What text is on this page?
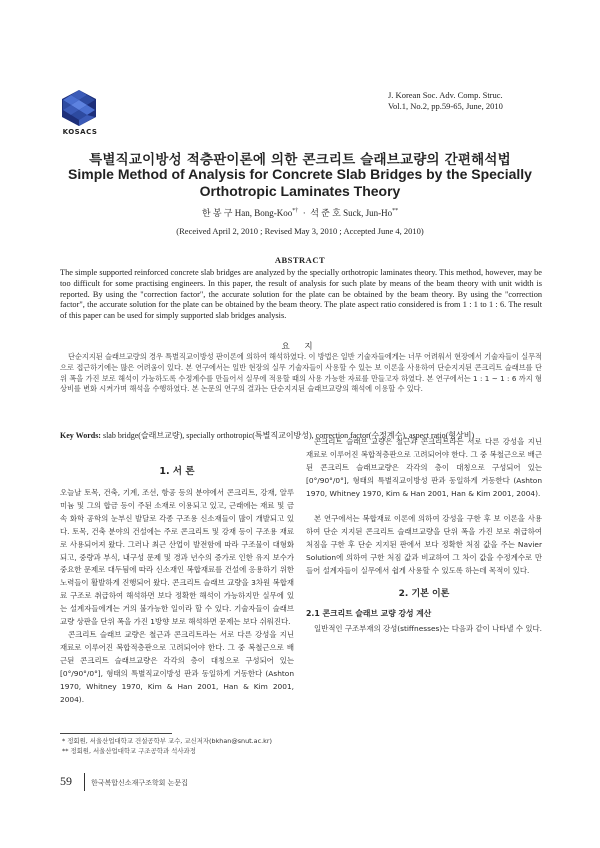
KOSACS
J. Korean Soc. Adv. Comp. Struc.
Vol.1, No.2, pp.59-65, June, 2010
특별직교이방성 적층판이론에 의한 콘크리트 슬래브교량의 간편해석법
Simple Method of Analysis for Concrete Slab Bridges by the Specially
Orthotropic Laminates Theory
한 봉 구 Han, Bong-Koo*† · 석 준 호 Suck, Jun-Ho**
(Received April 2, 2010 ; Revised May 3, 2010 ; Accepted June 4, 2010)
ABSTRACT
The simple supported reinforced concrete slab bridges are analyzed by the specially orthotropic laminates theory. This method, however, may be too difficult for some practising engineers. In this paper, the result of analysis for such plate by means of the beam theory with unit width is reported. By using the "correction factor", the accurate solution for the plate can be obtained by the beam theory. By using the "correction factor", the accurate solution for the plate can be obtained by the beam theory. The plate aspect ratio considered is from 1 : 1 to 1 : 6. The result of this paper can be used for simply supported slab bridges analysis.
요 지
단순지지된 슬래브교량의 경우 특별직교이방성 판이론에 의하여 해석하였다. 이 방법은 일반 기술자들에게는 너무 어려워서 현장에서 기술자들이 실무적으로 접근하기에는 많은 어려움이 있다. 본 연구에서는 일반 현장의 실무 기술자들이 사용할 수 있는 보 이론을 사용하여 단순지지된 콘크리트 슬래브를 단위 폭을 가진 보로 해석이 가능하도록 수정계수를 만들어서 실무에 적용할 때의 사용 가능한 자료를 만들고자 하였다. 본 연구에서는 1 : 1 ~ 1 : 6 까지 형상비를 변화 시켜가며 해석을 수행하였다. 본 논문의 연구의 결과는 단순지지된 슬래브교량의 해석에 이용할 수 있다.
Key Words: slab bridge(슬래브교량), specially orthotropic(특별직교이방성), correction factor(수정계수), aspect ratio(형상비)
1. 서 론

오늘날 토목, 건축, 기계, 조선, 항공 등의 분야에서 콘크리트, 강재, 알루미늄 및 그의 합금 등이 주된 소재로 이용되고 있고, 근래에는 재료 및 금속 화학 공학의 눈부신 발달로 각종 구조용 신소재들이 많이 개발되고 있다. 토목, 건축 분야의 건설에는 주로 콘크리트 및 강재 등이 구조용 재료로 사용되어져 왔다. 그러나 최근 산업이 발전함에 따라 구조물이 대형화되고, 중량과 부식, 내구성 문제 및 경과 년수의 증가로 인한 유지 보수가 중요한 문제로 대두됨에 따라 신소재인 복합재료를 건설에 응용하기 위한 노력들이 활발하게 진행되어 왔다. 콘크리트 슬래브 교량을 3차원 복합재료 구조로 취급하여 해석하면 보다 정확한 해석이 가능하지만 실무에 있는 설계자들에게는 거의 불가능한 일이라 할 수 있다. 기술자들이 슬래브 교량 상판을 단위 폭을 가진 1방향 보로 해석하면 문제는 보다 쉬워진다.

콘크리트 슬래브 교량은 철근과 콘크리트라는 서로 다른 강성을 지닌 재료로 이루어진 복합적층판으로 고려되어야 한다. 그 중 복철근으로 배근된 콘크리트 슬래브교량은 각각의 층이 대칭으로 구성되어 있는 [0°/90°/0°], 형태의 특별직교이방성 판과 동일하게 거동한다 (Ashton 1970, Whitney 1970, Kim & Han 2001, Han & Kim 2001, 2004).

콘크리트 슬래브 교량은 철근과 콘크리트라는 서로 다른 강성을 지닌 재료로 이루어진 복합적층판으로 고려되어야 한다. 그 중 복철근으로 배근된 콘크리트 슬래브교량은 각각의 층이 대칭으로 구성되어 있는 [0°/90°/0°], 형태의 특별직교이방성 판과 동일하게 거동한다 (Ashton 1970, Whitney 1970, Kim & Han 2001, Han & Kim 2001, 2004).

본 연구에서는 복합재료 이론에 의하여 강성을 구한 후 보 이론을 사용하여 단순 지지된 콘크리트 슬래브교량을 단위 폭을 가진 보로 취급하여 처짐을 구한 후 단순 지지된 판에서 보다 정확한 처짐 값을 주는 Navier Solution에 의하여 구한 처짐 값과 비교하여 그 차이 값을 수정계수로 만들어 설계자들이 실무에서 쉽게 사용할 수 있도록 하는데 목적이 있다.

2. 기본 이론
2.1 콘크리트 슬래브 교량 강성 계산

일반적인 구조부재의 강성(stiffnesses)는 다음과 같이 나타낼 수 있다.

* 정회원, 서울산업대학교 건설공학부 교수, 교신저자(bkhan@snut.ac.kr)
** 정회원, 서울산업대학교 구조공학과 석사과정
59	한국복합신소재구조학회 논문집
